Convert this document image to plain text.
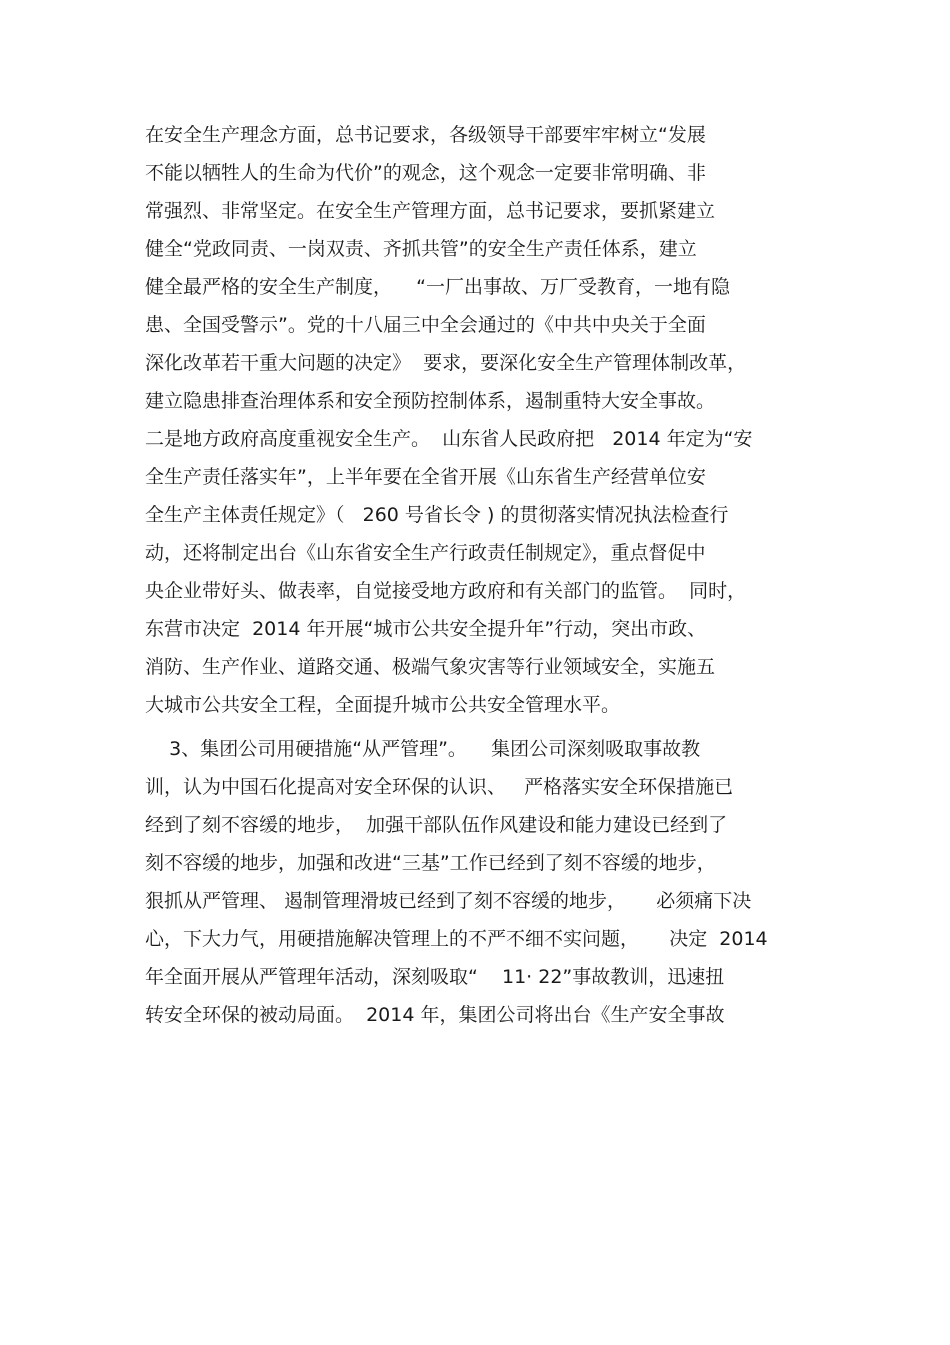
在安全生产理念方面，总书记要求，各级领导干部要牢牢树立“发展
不能以牺牲人的生命为代价”的观念，这个观念一定要非常明确、非
常强烈、非常坚定。在安全生产管理方面，总书记要求，要抓紧建立
健全“党政同责、一岗双责、齐抓共管”的安全生产责任体系，建立
健全最严格的安全生产制度，    “一厂出事故、万厂受教育，一地有隐
患、全国受警示”。党的十八届三中全会通过的《中共中央关于全面
深化改革若干重大问题的决定》  要求，要深化安全生产管理体制改革，
建立隐患排查治理体系和安全预防控制体系，遏制重特大安全事故。
二是地方政府高度重视安全生产。  山东省人民政府把   2014 年定为“安
全生产责任落实年”，上半年要在全省开展《山东省生产经营单位安
全生产主体责任规定》（   260 号省长令 ) 的贯彻落实情况执法检查行
动，还将制定出台《山东省安全生产行政责任制规定》，重点督促中
央企业带好头、做表率，自觉接受地方政府和有关部门的监管。  同时，
东营市决定  2014 年开展“城市公共安全提升年”行动，突出市政、
消防、生产作业、道路交通、极端气象灾害等行业领域安全，实施五
大城市公共安全工程，全面提升城市公共安全管理水平。
3、集团公司用硬措施“从严管理”。    集团公司深刻吸取事故教
训，认为中国石化提高对安全环保的认识、   严格落实安全环保措施已
经到了刻不容缓的地步，  加强干部队伍作风建设和能力建设已经到了
刻不容缓的地步，加强和改进“三基”工作已经到了刻不容缓的地步，
狠抓从严管理、 遏制管理滑坡已经到了刻不容缓的地步，     必须痛下决
心，下大力气，用硬措施解决管理上的不严不细不实问题，     决定  2014
年全面开展从严管理年活动，深刻吸取“    11· 22”事故教训，迅速扭
转安全环保的被动局面。  2014 年，集团公司将出台《生产安全事故
